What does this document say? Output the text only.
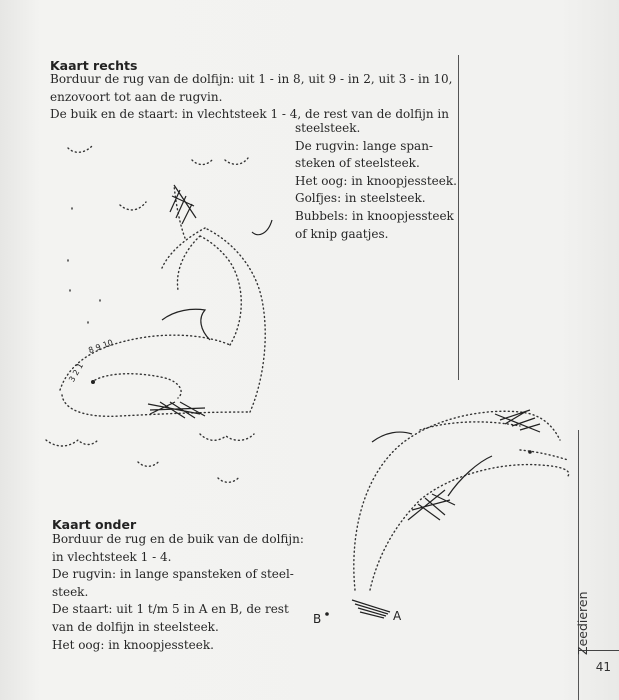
Kaart rechts
Borduur de rug van de dolfijn: uit 1 - in 8, uit 9 - in 2, uit 3 - in 10,
enzovoort tot aan de rugvin.
De buik en de staart: in vlechtsteek 1 - 4, de rest van de dolfijn in
steelsteek.
De rugvin: lange span-
steken of steelsteek.
Het oog: in knoopjessteek.
Golfjes: in steelsteek.
Bubbels: in knoopjessteek
of knip gaatjes.
Kaart onder
Borduur de rug en de buik van de dolfijn:
in vlechtsteek 1 - 4.
De rugvin: in lange spansteken of steel-
steek.
De staart: uit 1 t/m 5 in A en B, de rest
van de dolfijn in steelsteek.
Het oog: in knoopjessteek.	Zeedieren
41
8 9 10
3 2 1
A
B
